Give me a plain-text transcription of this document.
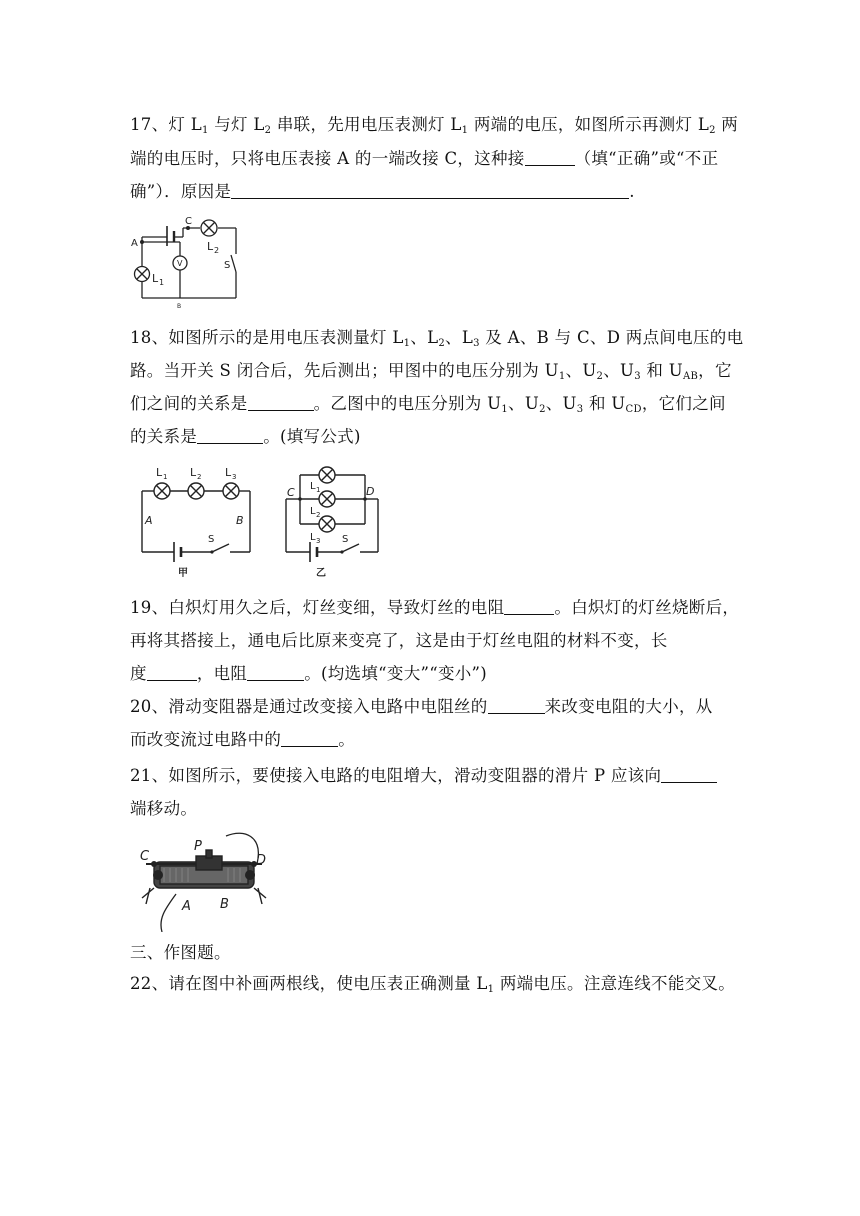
17、灯 $L_1$ 与灯 $L_2$ 串联，先用电压表测灯 $L_1$ 两端的电压，如图所示再测灯 $L_2$ 两
端的电压时，只将电压表接 A 的一端改接 C，这种接	（填“正确”或“不正
确”）．原因是	.
A
C
L 1
L 2
S
V
B
18、如图所示的是用电压表测量灯 $L_1$、$L_2$、$L_3$ 及 A、B 与 C、D 两点间电压的电
路。当开关 S 闭合后，先后测出；甲图中的电压分别为 $U_1$、$U_2$、$U_3$ 和 $U_{AB}$，它
们之间的关系是	。乙图中的电压分别为 $U_1$、$U_2$、$U_3$ 和 $U_{CD}$，它们之间
的关系是	。(填写公式)
L 1 L 2 L 3
A	B
S
甲
C	D
L 1
L 2
L 3 S
乙
19、白炽灯用久之后，灯丝变细，导致灯丝的电阻	。白炽灯的灯丝烧断后，
再将其搭接上，通电后比原来变亮了，这是由于灯丝电阻的材料不变，长
度	，电阻	。(均选填“变大”“变小”)
20、滑动变阻器是通过改变接入电路中电阻丝的	来改变电阻的大小，从
而改变流过电路中的	。
21、如图所示，要使接入电路的电阻增大，滑动变阻器的滑片 P 应该向
端移动。
C
P
D
A B
三、作图题。
22、请在图中补画两根线，使电压表正确测量 $L_1$ 两端电压。注意连线不能交叉。
